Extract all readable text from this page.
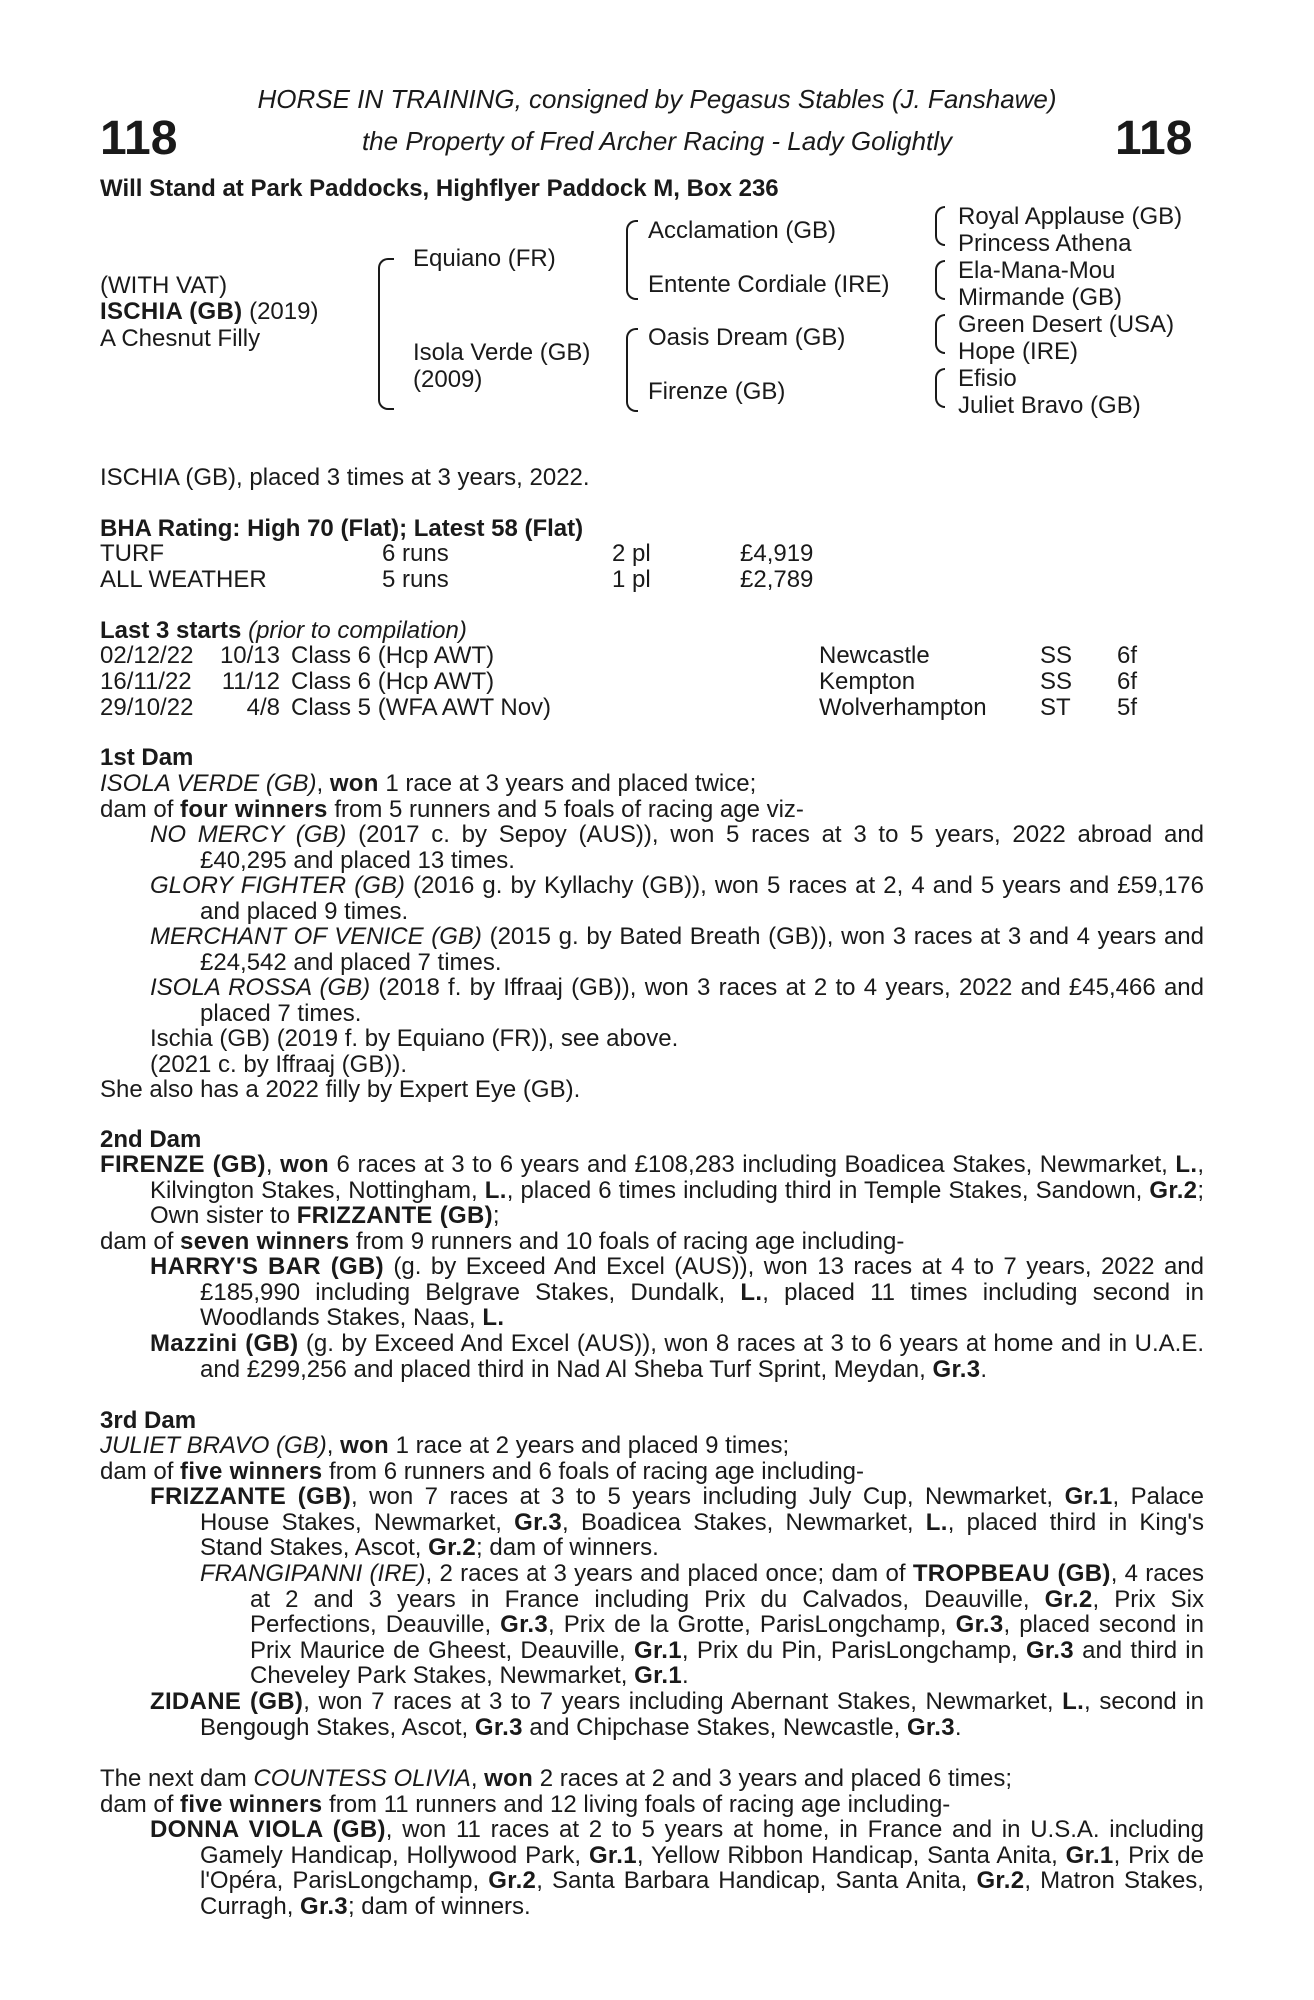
118	118
HORSE IN TRAINING, consigned by Pegasus Stables (J. Fanshawe)
the Property of Fred Archer Racing - Lady Golightly
Will Stand at Park Paddocks, Highflyer Paddock M, Box 236
(WITH VAT)
ISCHIA (GB) (2019)
A Chesnut Filly
Equiano (FR)
Isola Verde (GB)
(2009)
Acclamation (GB)
Entente Cordiale (IRE)
Oasis Dream (GB)
Firenze (GB)
Royal Applause (GB)
Princess Athena
Ela-Mana-Mou
Mirmande (GB)
Green Desert (USA)
Hope (IRE)
Efisio
Juliet Bravo (GB)
ISCHIA (GB), placed 3 times at 3 years, 2022.
BHA Rating: High 70 (Flat); Latest 58 (Flat)
TURF	6 runs	2 pl	£4,919
ALL WEATHER	5 runs	1 pl	£2,789
Last 3 starts (prior to compilation)
02/12/22	10/13 Class 6 (Hcp AWT)	Newcastle	SS 6f
16/11/22	11/12 Class 6 (Hcp AWT)	Kempton	SS 6f
29/10/22	4/8 Class 5 (WFA AWT Nov)	Wolverhampton ST 5f
1st Dam
ISOLA VERDE (GB), won 1 race at 3 years and placed twice;
dam of four winners from 5 runners and 5 foals of racing age viz-
NO MERCY (GB) (2017 c. by Sepoy (AUS)), won 5 races at 3 to 5 years, 2022 abroad and £40,295 and placed 13 times.
GLORY FIGHTER (GB) (2016 g. by Kyllachy (GB)), won 5 races at 2, 4 and 5 years and £59,176 and placed 9 times.
MERCHANT OF VENICE (GB) (2015 g. by Bated Breath (GB)), won 3 races at 3 and 4 years and £24,542 and placed 7 times.
ISOLA ROSSA (GB) (2018 f. by Iffraaj (GB)), won 3 races at 2 to 4 years, 2022 and £45,466 and placed 7 times.
Ischia (GB) (2019 f. by Equiano (FR)), see above.
(2021 c. by Iffraaj (GB)).
She also has a 2022 filly by Expert Eye (GB).
2nd Dam
FIRENZE (GB), won 6 races at 3 to 6 years and £108,283 including Boadicea Stakes, Newmarket, L., Kilvington Stakes, Nottingham, L., placed 6 times including third in Temple Stakes, Sandown, Gr.2; Own sister to FRIZZANTE (GB);
dam of seven winners from 9 runners and 10 foals of racing age including-
HARRY'S BAR (GB) (g. by Exceed And Excel (AUS)), won 13 races at 4 to 7 years, 2022 and £185,990 including Belgrave Stakes, Dundalk, L., placed 11 times including second in Woodlands Stakes, Naas, L.
Mazzini (GB) (g. by Exceed And Excel (AUS)), won 8 races at 3 to 6 years at home and in U.A.E. and £299,256 and placed third in Nad Al Sheba Turf Sprint, Meydan, Gr.3.
3rd Dam
JULIET BRAVO (GB), won 1 race at 2 years and placed 9 times;
dam of five winners from 6 runners and 6 foals of racing age including-
FRIZZANTE (GB), won 7 races at 3 to 5 years including July Cup, Newmarket, Gr.1, Palace House Stakes, Newmarket, Gr.3, Boadicea Stakes, Newmarket, L., placed third in King's Stand Stakes, Ascot, Gr.2; dam of winners.
FRANGIPANNI (IRE), 2 races at 3 years and placed once; dam of TROPBEAU (GB), 4 races at 2 and 3 years in France including Prix du Calvados, Deauville, Gr.2, Prix Six Perfections, Deauville, Gr.3, Prix de la Grotte, ParisLongchamp, Gr.3, placed second in Prix Maurice de Gheest, Deauville, Gr.1, Prix du Pin, ParisLongchamp, Gr.3 and third in Cheveley Park Stakes, Newmarket, Gr.1.
ZIDANE (GB), won 7 races at 3 to 7 years including Abernant Stakes, Newmarket, L., second in Bengough Stakes, Ascot, Gr.3 and Chipchase Stakes, Newcastle, Gr.3.
The next dam COUNTESS OLIVIA, won 2 races at 2 and 3 years and placed 6 times;
dam of five winners from 11 runners and 12 living foals of racing age including-
DONNA VIOLA (GB), won 11 races at 2 to 5 years at home, in France and in U.S.A. including Gamely Handicap, Hollywood Park, Gr.1, Yellow Ribbon Handicap, Santa Anita, Gr.1, Prix de l'Opéra, ParisLongchamp, Gr.2, Santa Barbara Handicap, Santa Anita, Gr.2, Matron Stakes, Curragh, Gr.3; dam of winners.
